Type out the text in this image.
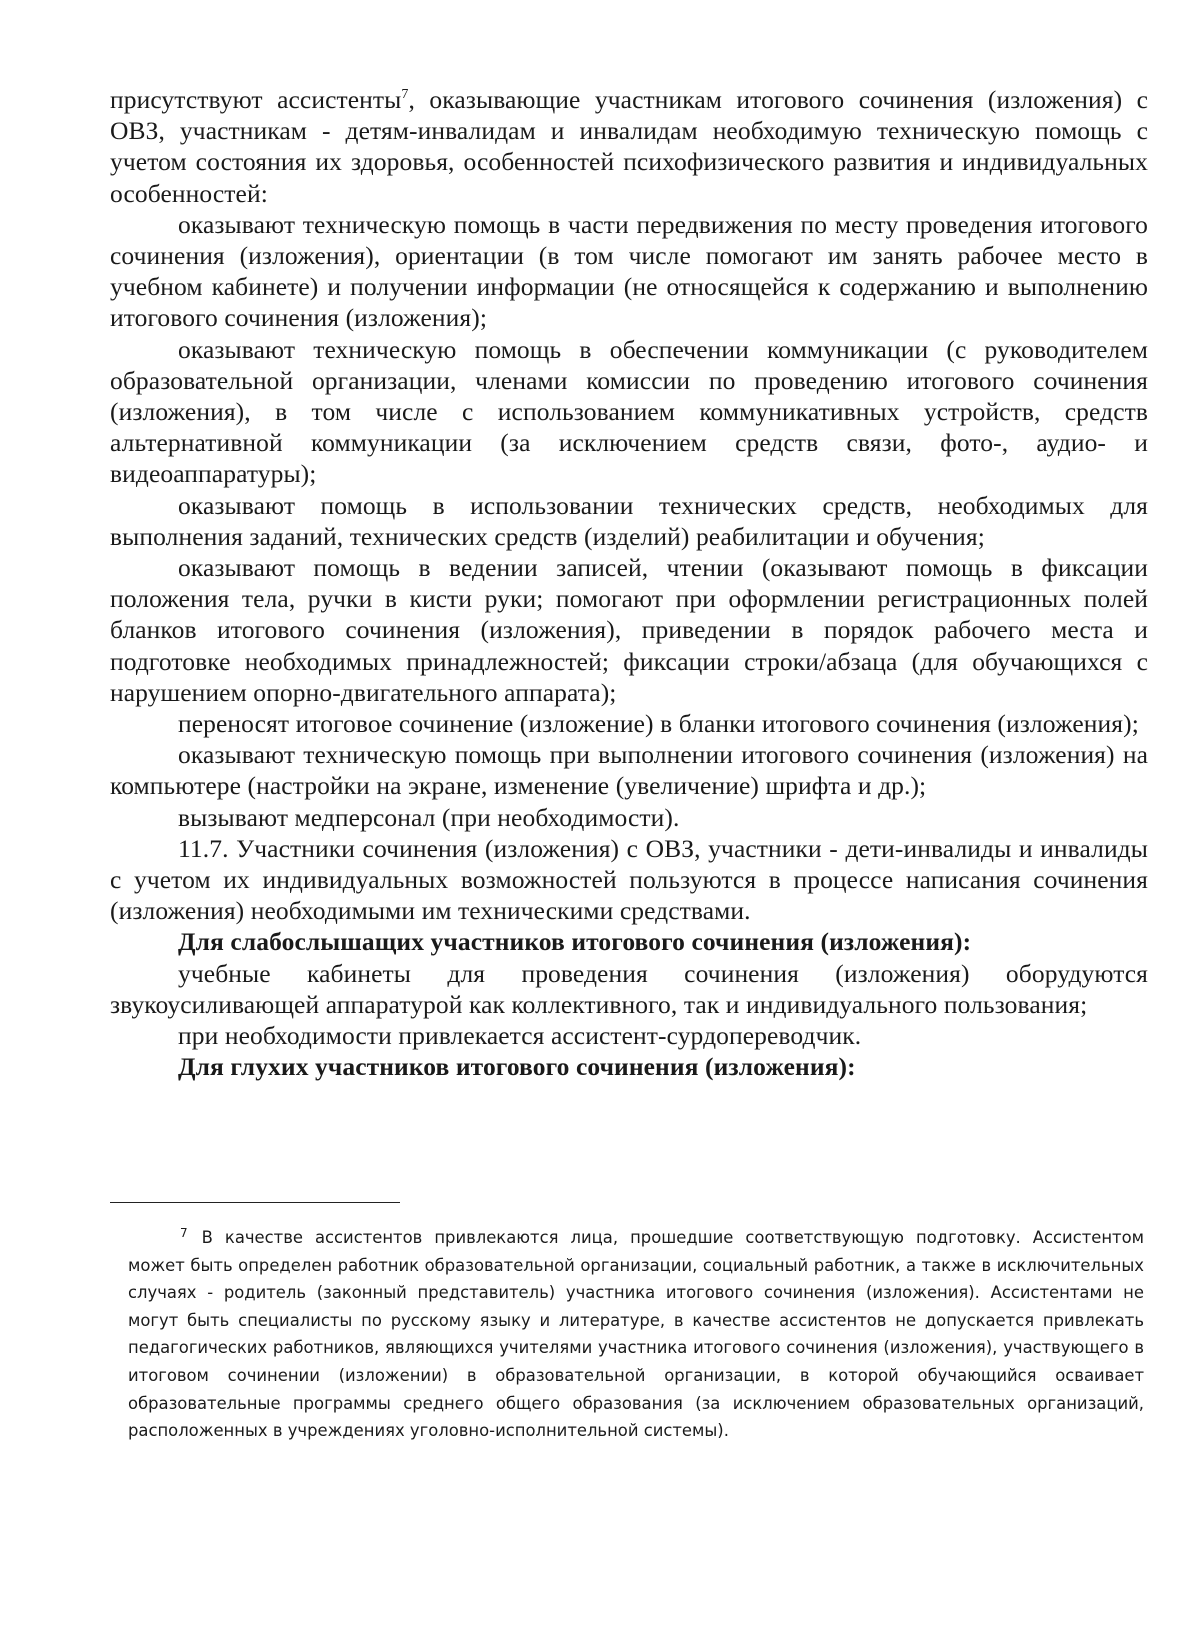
присутствуют ассистенты$^7$, оказывающие участникам итогового сочинения (изложения) с ОВЗ, участникам - детям-инвалидам и инвалидам необходимую техническую помощь с учетом состояния их здоровья, особенностей психофизического развития и индивидуальных особенностей:

оказывают техническую помощь в части передвижения по месту проведения итогового сочинения (изложения), ориентации (в том числе помогают им занять рабочее место в учебном кабинете) и получении информации (не относящейся к содержанию и выполнению итогового сочинения (изложения);

оказывают техническую помощь в обеспечении коммуникации (с руководителем образовательной организации, членами комиссии по проведению итогового сочинения (изложения), в том числе с использованием коммуникативных устройств, средств альтернативной коммуникации (за исключением средств связи, фото-, аудио- и видеоаппаратуры);

оказывают помощь в использовании технических средств, необходимых для выполнения заданий, технических средств (изделий) реабилитации и обучения;

оказывают помощь в ведении записей, чтении (оказывают помощь в фиксации положения тела, ручки в кисти руки; помогают при оформлении регистрационных полей бланков итогового сочинения (изложения), приведении в порядок рабочего места и подготовке необходимых принадлежностей; фиксации строки/абзаца (для обучающихся с нарушением опорно-двигательного аппарата);

переносят итоговое сочинение (изложение) в бланки итогового сочинения (изложения);

оказывают техническую помощь при выполнении итогового сочинения (изложения) на компьютере (настройки на экране, изменение (увеличение) шрифта и др.);

вызывают медперсонал (при необходимости).

11.7. Участники сочинения (изложения) с ОВЗ, участники - дети-инвалиды и инвалиды с учетом их индивидуальных возможностей пользуются в процессе написания сочинения (изложения) необходимыми им техническими средствами.

Для слабослышащих участников итогового сочинения (изложения):

учебные кабинеты для проведения сочинения (изложения) оборудуются звукоусиливающей аппаратурой как коллективного, так и индивидуального пользования;

при необходимости привлекается ассистент-сурдопереводчик.

Для глухих участников итогового сочинения (изложения):

$^7$ В качестве ассистентов привлекаются лица, прошедшие соответствующую подготовку. Ассистентом может быть определен работник образовательной организации, социальный работник, а также в исключительных случаях - родитель (законный представитель) участника итогового сочинения (изложения). Ассистентами не могут быть специалисты по русскому языку и литературе, в качестве ассистентов не допускается привлекать педагогических работников, являющихся учителями участника итогового сочинения (изложения), участвующего в итоговом сочинении (изложении) в образовательной организации, в которой обучающийся осваивает образовательные программы среднего общего образования (за исключением образовательных организаций, расположенных в учреждениях уголовно-исполнительной системы).
